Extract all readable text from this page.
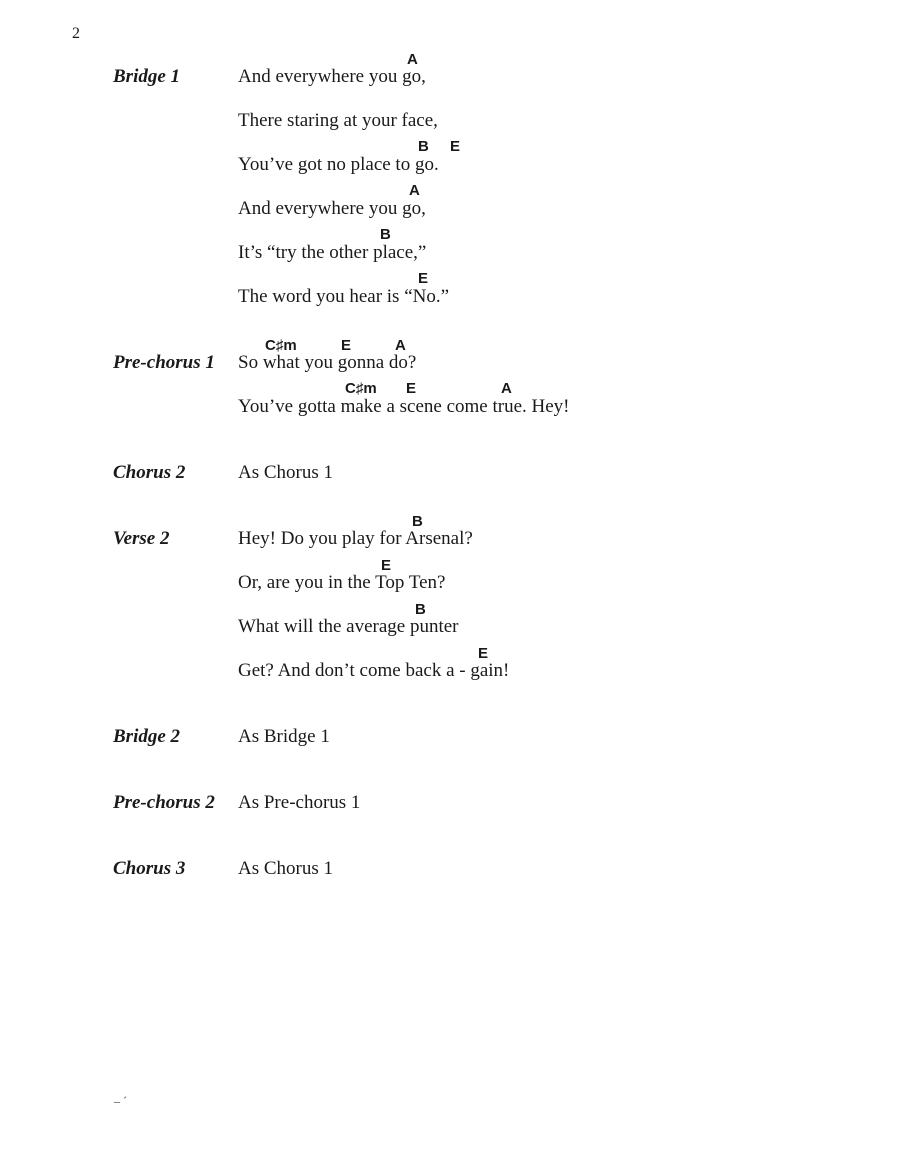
2
Bridge 1
A
And everywhere you go,
There staring at your face,
B E
You’ve got no place to go.
A
And everywhere you go,
B
It’s “try the other place,”
E
The word you hear is “No.”
Pre-chorus 1
C♯m	E	A
So what you gonna do?
C♯m E	A
You’ve gotta make a scene come true. Hey!
Chorus 2	As Chorus 1
Verse 2
B
Hey! Do you play for Arsenal?
E
Or, are you in the Top Ten?
B
What will the average punter
E
Get? And don’t come back a - gain!
Bridge 2	As Bridge 1
Pre-chorus 2 As Pre-chorus 1
Chorus 3	As Chorus 1
‒ ˊ
